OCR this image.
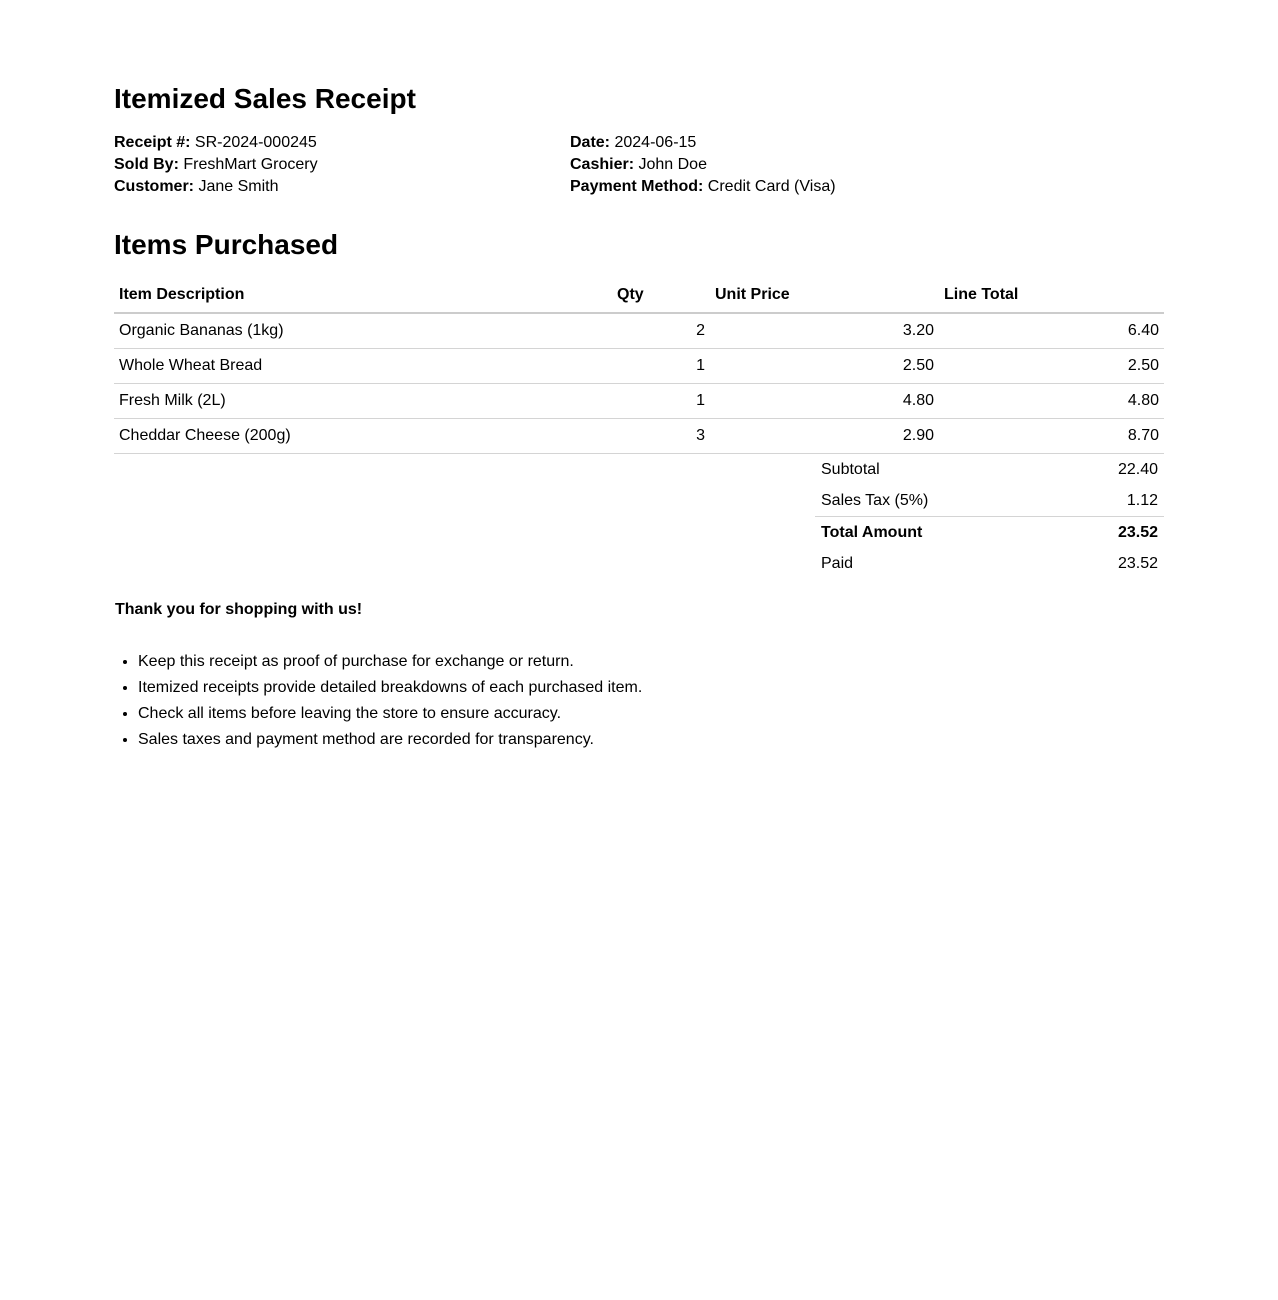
Itemized Sales Receipt
Receipt #: SR-2024-000245
Sold By: FreshMart Grocery
Customer: Jane Smith
Date: 2024-06-15
Cashier: John Doe
Payment Method: Credit Card (Visa)
Items Purchased
Item Description	Qty	Unit Price	Line Total
Organic Bananas (1kg)	2	3.20	6.40
Whole Wheat Bread	1	2.50	2.50
Fresh Milk (2L)	1	4.80	4.80
Cheddar Cheese (200g)	3	2.90	8.70
Subtotal	22.40
Sales Tax (5%)	1.12
Total Amount	23.52
Paid	23.52
Thank you for shopping with us!
• Keep this receipt as proof of purchase for exchange or return.
• Itemized receipts provide detailed breakdowns of each purchased item.
• Check all items before leaving the store to ensure accuracy.
• Sales taxes and payment method are recorded for transparency.
